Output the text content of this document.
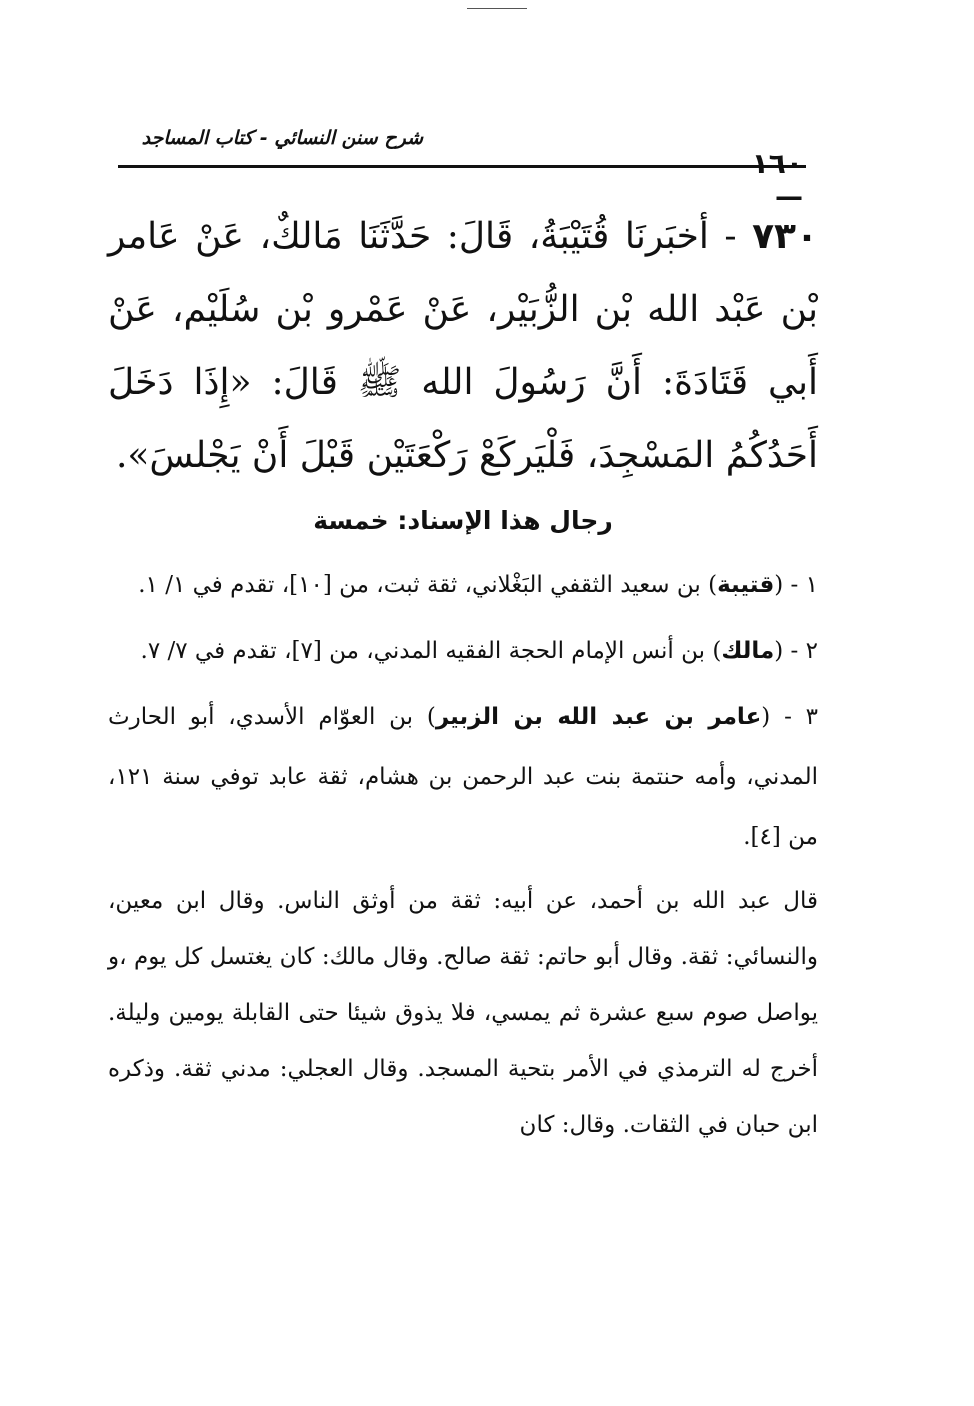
شرح سنن النسائي - كتاب المساجد
١٦٠ —

٧٣٠ - أخبَرنَا قُتَيْبَةُ، قَالَ: حَدَّثَنَا مَالكٌ، عَنْ عَامر بْن عَبْد الله بْن الزُّبَيْر، عَنْ عَمْرو بْن سُلَيْم، عَنْ أَبي قَتَادَةَ: أَنَّ رَسُولَ الله ﷺ قَالَ: «إِذَا دَخَلَ أَحَدُكُمُ المَسْجِدَ، فَلْيَركَعْ رَكْعَتَيْن قَبْلَ أَنْ يَجْلسَ».

رجال هذا الإسناد: خمسة

١ - (قتيبة) بن سعيد الثقفي البَغْلاني، ثقة ثبت، من [١٠]، تقدم في ١/ ١.

٢ - (مالك) بن أنس الإمام الحجة الفقيه المدني، من [٧]، تقدم في ٧/ ٧.

٣ - (عامر بن عبد الله بن الزبير) بن العوّام الأسدي، أبو الحارث المدني، وأمه حنتمة بنت عبد الرحمن بن هشام، ثقة عابد توفي سنة ١٢١، من [٤].

قال عبد الله بن أحمد، عن أبيه: ثقة من أوثق الناس. وقال ابن معين، والنسائي: ثقة. وقال أبو حاتم: ثقة صالح. وقال مالك: كان يغتسل كل يوم ،و يواصل صوم سبع عشرة ثم يمسي، فلا يذوق شيئا حتى القابلة يومين وليلة. أخرج له الترمذي في الأمر بتحية المسجد. وقال العجلي: مدني ثقة. وذكره ابن حبان في الثقات. وقال: كان
